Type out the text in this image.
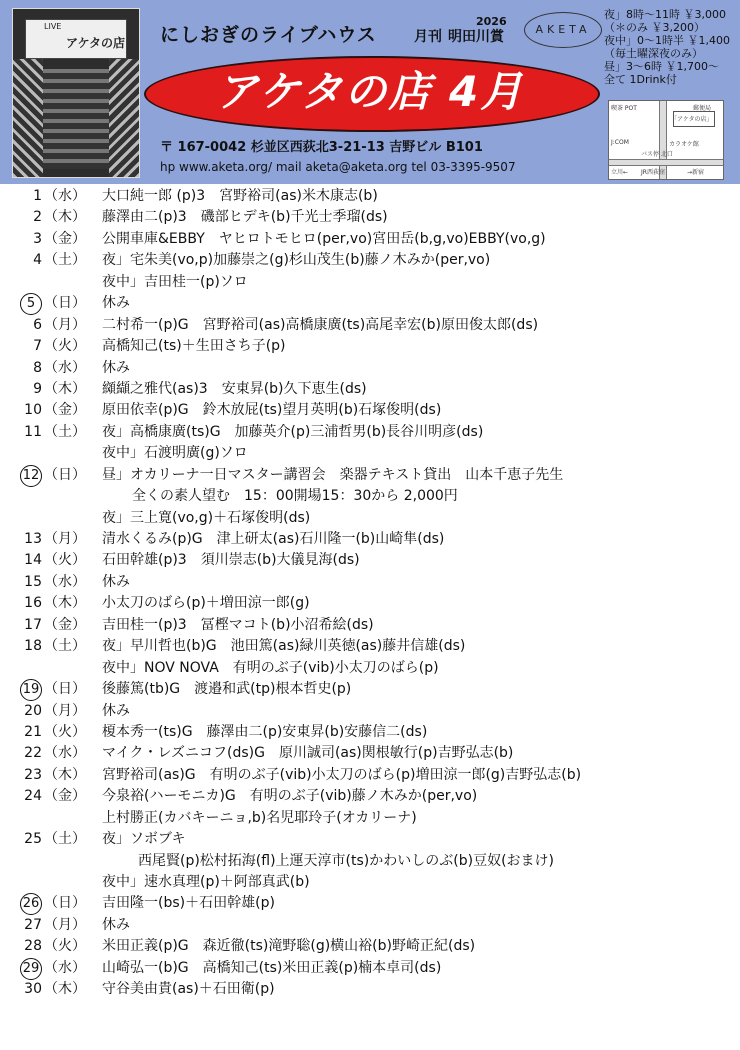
LIVE
アケタの店 にしおぎのライブハウス	月刊
2026
明田川賞	AKETA
アケタの店 4月
〒 167-0042 杉並区西荻北3-21-13 吉野ビル B101
hp www.aketa.org/ mail aketa@aketa.org tel 03-3395-9507
夜」8時〜11時 ￥3,000
（＊のみ ￥3,200）
夜中」0〜1時半 ￥1,400
（毎土曜深夜のみ）
昼」3〜6時 ￥1,700〜
全て 1Drink付
喫茶 POT
「アケタの店」
J:COM	カラオケ館
バス停 北口
立川← JR西荻窪	→新宿
郵便局
1 （水）	大口純一郎 (p)3　宮野裕司(as)米木康志(b)
2 （木）	藤澤由二(p)3　磯部ヒデキ(b)千光士季瑠(ds)
3 （金）	公開車庫&EBBY　ヤヒロトモヒロ(per,vo)宮田岳(b,g,vo)EBBY(vo,g)
4 （土）	夜」宅朱美(vo,p)加藤崇之(g)杉山茂生(b)藤ノ木みか(per,vo)
夜中」吉田桂一(p)ソロ
5 （日）	休み
6 （月）	二村希一(p)G　宮野裕司(as)高橋康廣(ts)高尾幸宏(b)原田俊太郎(ds)
7 （火）	高橋知己(ts)＋生田さち子(p)
8 （水）	休み
9 （木）	纐纈之雅代(as)3　安東昇(b)久下恵生(ds)
10 （金）	原田依幸(p)G　鈴木放屁(ts)望月英明(b)石塚俊明(ds)
11 （土）	夜」高橋康廣(ts)G　加藤英介(p)三浦哲男(b)長谷川明彦(ds)
夜中」石渡明廣(g)ソロ
12 （日）	昼」オカリーナ一日マスター講習会　楽器テキスト貸出　山本千恵子先生
全くの素人望む　15：00開場15：30から 2,000円
夜」三上寛(vo,g)＋石塚俊明(ds)
13 （月）	清水くるみ(p)G　津上研太(as)石川隆一(b)山崎隼(ds)
14 （火）	石田幹雄(p)3　須川崇志(b)大儀見海(ds)
15 （水）	休み
16 （木）	小太刀のばら(p)＋増田涼一郎(g)
17 （金）	吉田桂一(p)3　冨樫マコト(b)小沼希絵(ds)
18 （土）	夜」早川哲也(b)G　池田篤(as)緑川英徳(as)藤井信雄(ds)
夜中」NOV NOVA　有明のぶ子(vib)小太刀のばら(p)
19 （日）	後藤篤(tb)G　渡邉和武(tp)根本哲史(p)
20 （月）	休み
21 （火）	榎本秀一(ts)G　藤澤由二(p)安東昇(b)安藤信二(ds)
22 （水）	マイク・レズニコフ(ds)G　原川誠司(as)関根敏行(p)吉野弘志(b)
23 （木）	宮野裕司(as)G　有明のぶ子(vib)小太刀のばら(p)増田涼一郎(g)吉野弘志(b)
24 （金）	今泉裕(ハーモニカ)G　有明のぶ子(vib)藤ノ木みか(per,vo)
上村勝正(カバキーニョ,b)名児耶玲子(オカリーナ)
25 （土）	夜」ソボブキ
西尾賢(p)松村拓海(fl)上運天淳市(ts)かわいしのぶ(b)豆奴(おまけ)
夜中」速水真理(p)＋阿部真武(b)
26 （日）	吉田隆一(bs)＋石田幹雄(p)
27 （月）	休み
28 （火）	米田正義(p)G　森近徹(ts)滝野聡(g)横山裕(b)野崎正紀(ds)
29 （水）	山崎弘一(b)G　高橋知己(ts)米田正義(p)楠本卓司(ds)
30 （木）	守谷美由貴(as)＋石田衛(p)
